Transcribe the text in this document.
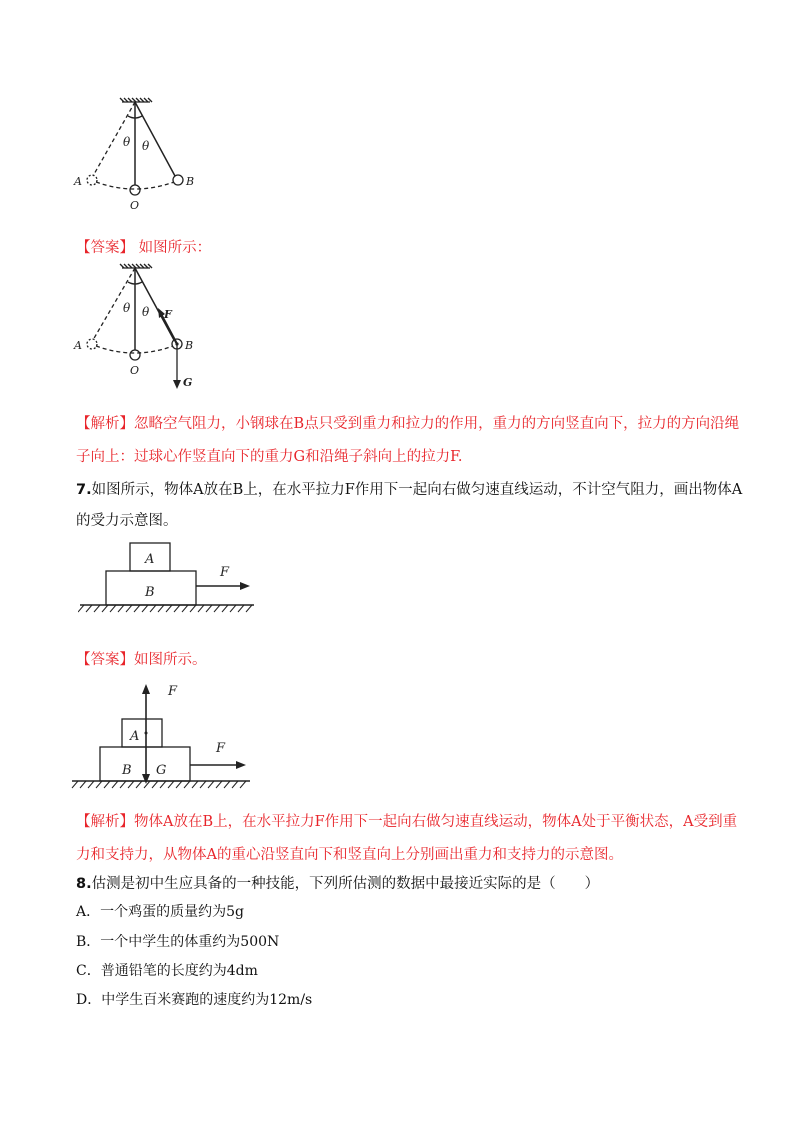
θ θ
A	B
O
【答案】 如图所示：
θ θ F
A	B
O
G
【解析】忽略空气阻力，小钢球在B点只受到重力和拉力的作用，重力的方向竖直向下，拉力的方向沿绳
子向上：过球心作竖直向下的重力G和沿绳子斜向上的拉力F.
7.如图所示，物体A放在B上，在水平拉力F作用下一起向右做匀速直线运动，不计空气阻力，画出物体A
的受力示意图。
A
B
F
【答案】如图所示。
F
A
B G
F
【解析】物体A放在B上，在水平拉力F作用下一起向右做匀速直线运动，物体A处于平衡状态，A受到重
力和支持力，从物体A的重心沿竖直向下和竖直向上分别画出重力和支持力的示意图。
8.估测是初中生应具备的一种技能，下列所估测的数据中最接近实际的是（　　）
A．一个鸡蛋的质量约为5g
B．一个中学生的体重约为500N
C．普通铅笔的长度约为4dm
D．中学生百米赛跑的速度约为12m/s
